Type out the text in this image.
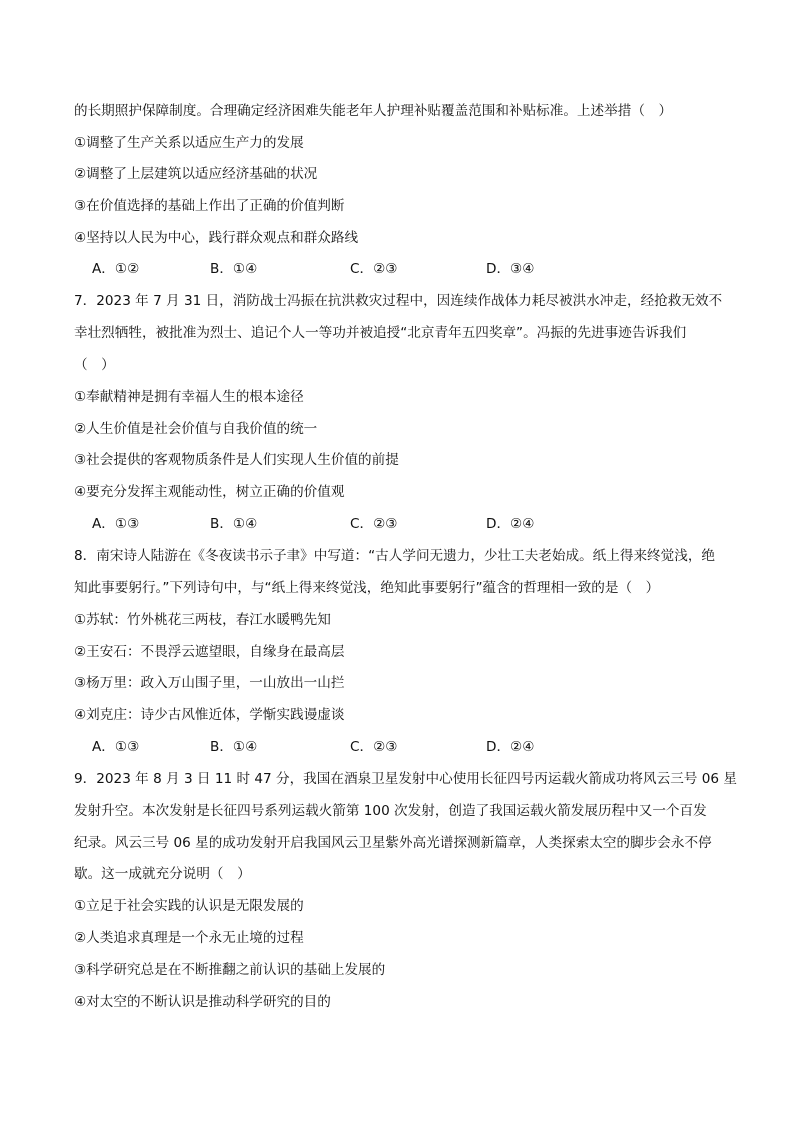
的长期照护保障制度。合理确定经济困难失能老年人护理补贴覆盖范围和补贴标准。上述举措（　）
①调整了生产关系以适应生产力的发展
②调整了上层建筑以适应经济基础的状况
③在价值选择的基础上作出了正确的价值判断
④坚持以人民为中心，践行群众观点和群众路线
A．①②	B．①④	C．②③	D．③④
7．2023 年 7 月 31 日，消防战士冯振在抗洪救灾过程中，因连续作战体力耗尽被洪水冲走，经抢救无效不
幸壮烈牺牲，被批准为烈士、追记个人一等功并被追授“北京青年五四奖章”。冯振的先进事迹告诉我们
（　）
①奉献精神是拥有幸福人生的根本途径
②人生价值是社会价值与自我价值的统一
③社会提供的客观物质条件是人们实现人生价值的前提
④要充分发挥主观能动性，树立正确的价值观
A．①③	B．①④	C．②③	D．②④
8．南宋诗人陆游在《冬夜读书示子聿》中写道：“古人学问无遗力，少壮工夫老始成。纸上得来终觉浅，绝
知此事要躬行。”下列诗句中，与“纸上得来终觉浅，绝知此事要躬行”蕴含的哲理相一致的是（　）
①苏轼：竹外桃花三两枝，春江水暖鸭先知
②王安石：不畏浮云遮望眼，自缘身在最高层
③杨万里：政入万山围子里，一山放出一山拦
④刘克庄：诗少古风惟近体，学惭实践谩虚谈
A．①③	B．①④	C．②③	D．②④
9．2023 年 8 月 3 日 11 时 47 分，我国在酒泉卫星发射中心使用长征四号丙运载火箭成功将风云三号 06 星
发射升空。本次发射是长征四号系列运载火箭第 100 次发射，创造了我国运载火箭发展历程中又一个百发
纪录。风云三号 06 星的成功发射开启我国风云卫星紫外高光谱探测新篇章，人类探索太空的脚步会永不停
歇。这一成就充分说明（　）
①立足于社会实践的认识是无限发展的
②人类追求真理是一个永无止境的过程
③科学研究总是在不断推翻之前认识的基础上发展的
④对太空的不断认识是推动科学研究的目的
